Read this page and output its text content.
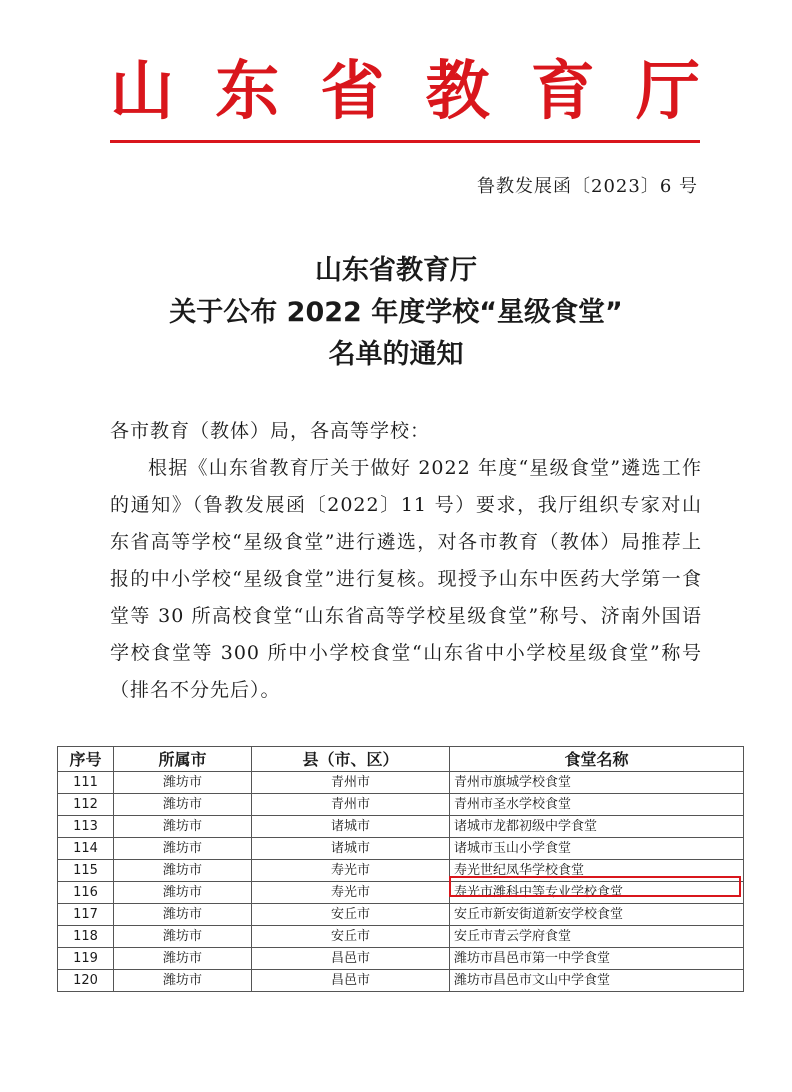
山 东 省 教 育 厅
鲁教发展函〔2023〕6 号
山东省教育厅
关于公布 2022 年度学校“星级食堂”
名单的通知
各市教育（教体）局，各高等学校：

根据《山东省教育厅关于做好 2022 年度“星级食堂”遴选工作的通知》（鲁教发展函〔2022〕11 号）要求，我厅组织专家对山东省高等学校“星级食堂”进行遴选，对各市教育（教体）局推荐上报的中小学校“星级食堂”进行复核。现授予山东中医药大学第一食堂等 30 所高校食堂“山东省高等学校星级食堂”称号、济南外国语学校食堂等 300 所中小学校食堂“山东省中小学校星级食堂”称号（排名不分先后）。

序号	所属市	县（市、区）	食堂名称
111	潍坊市	青州市	青州市旗城学校食堂
112	潍坊市	青州市	青州市圣水学校食堂
113	潍坊市	诸城市	诸城市龙都初级中学食堂
114	潍坊市	诸城市	诸城市玉山小学食堂
115	潍坊市	寿光市	寿光世纪凤华学校食堂
116	潍坊市	寿光市	寿光市潍科中等专业学校食堂
117	潍坊市	安丘市	安丘市新安街道新安学校食堂
118	潍坊市	安丘市	安丘市青云学府食堂
119	潍坊市	昌邑市	潍坊市昌邑市第一中学食堂
120	潍坊市	昌邑市	潍坊市昌邑市文山中学食堂
